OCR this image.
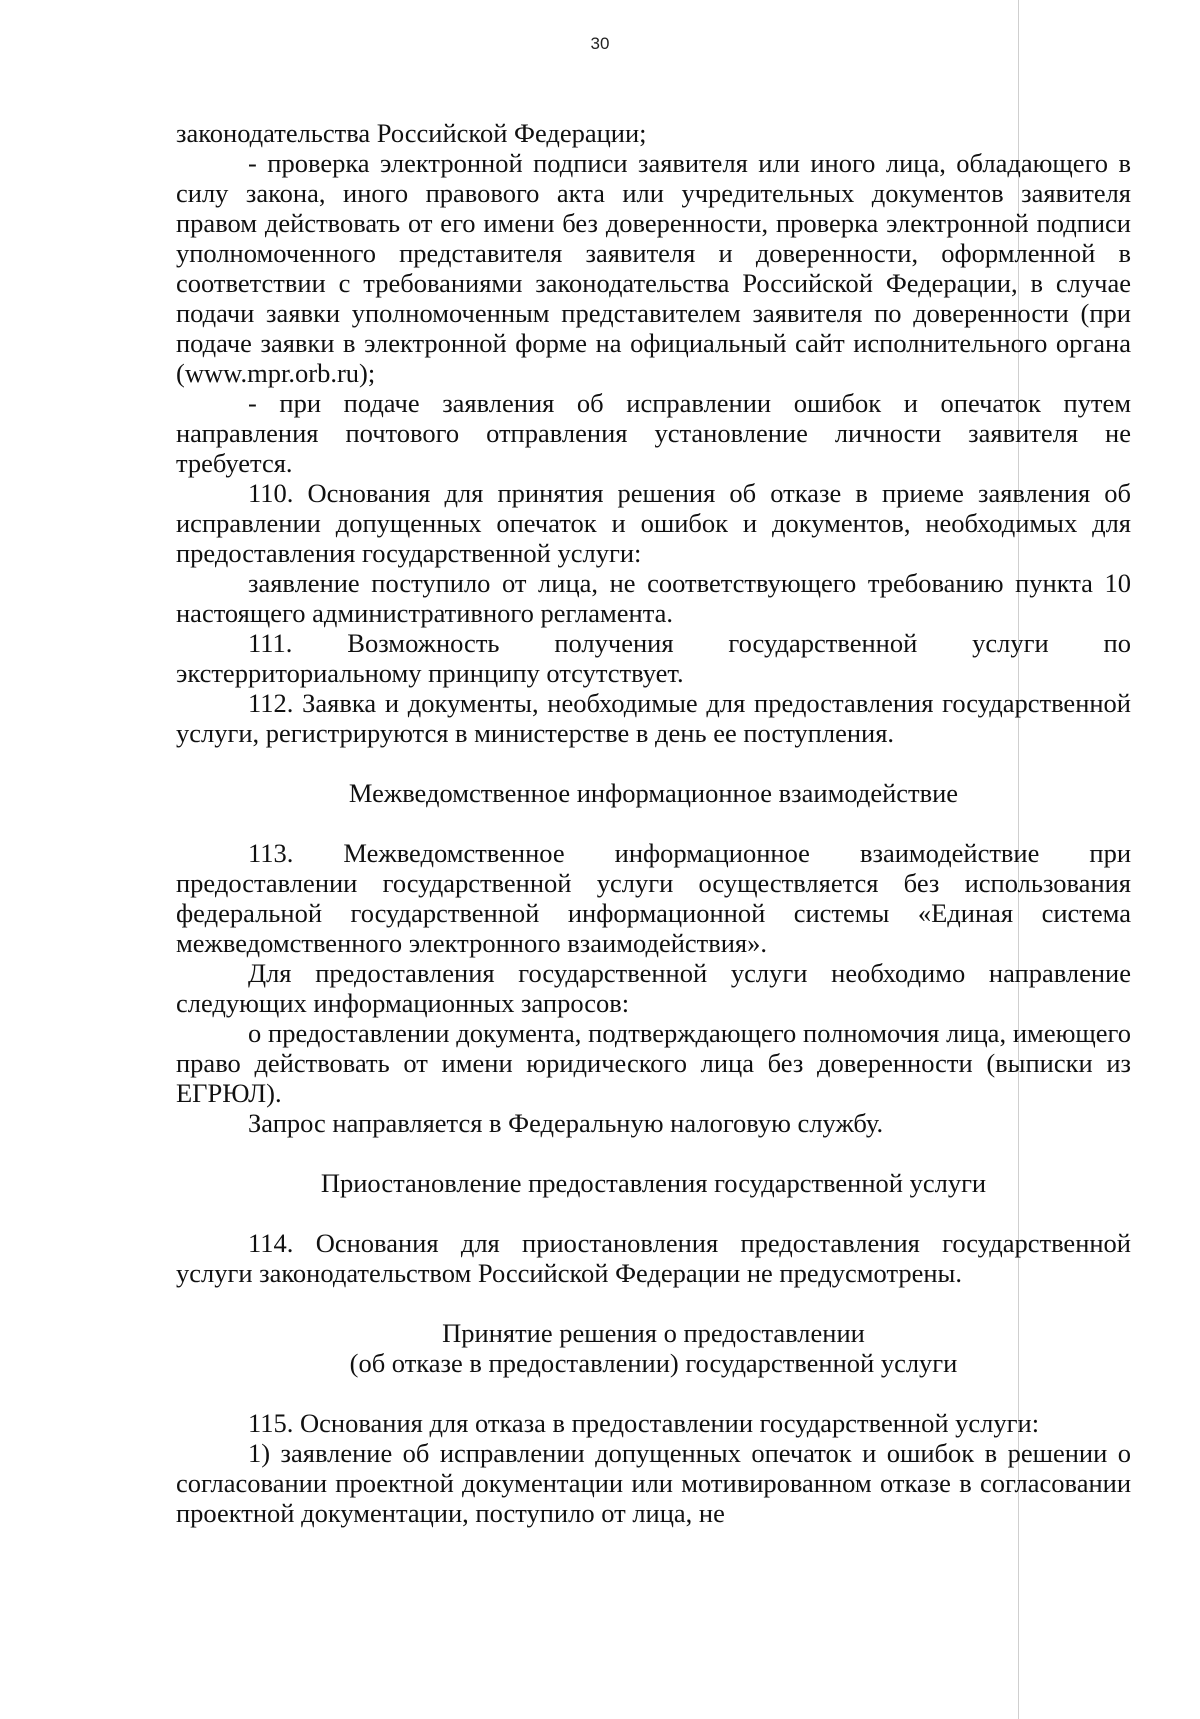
30

законодательства Российской Федерации;

- проверка электронной подписи заявителя или иного лица, обладающего в силу закона, иного правового акта или учредительных документов заявителя правом действовать от его имени без доверенности, проверка электронной подписи уполномоченного представителя заявителя и доверенности, оформленной в соответствии с требованиями законодательства Российской Федерации, в случае подачи заявки уполномоченным представителем заявителя по доверенности (при подаче заявки в электронной форме на официальный сайт исполнительного органа (www.mpr.orb.ru);

- при подаче заявления об исправлении ошибок и опечаток путем направления почтового отправления установление личности заявителя не требуется.

110. Основания для принятия решения об отказе в приеме заявления об исправлении допущенных опечаток и ошибок и документов, необходимых для предоставления государственной услуги:

заявление поступило от лица, не соответствующего требованию пункта 10 настоящего административного регламента.

111. Возможность получения государственной услуги по экстерриториальному принципу отсутствует.

112. Заявка и документы, необходимые для предоставления государственной услуги, регистрируются в министерстве в день ее поступления.

Межведомственное информационное взаимодействие

113. Межведомственное информационное взаимодействие при предоставлении государственной услуги осуществляется без использования федеральной государственной информационной системы «Единая система межведомственного электронного взаимодействия».

Для предоставления государственной услуги необходимо направление следующих информационных запросов:

о предоставлении документа, подтверждающего полномочия лица, имеющего право действовать от имени юридического лица без доверенности (выписки из ЕГРЮЛ).

Запрос направляется в Федеральную налоговую службу.

Приостановление предоставления государственной услуги

114. Основания для приостановления предоставления государственной услуги законодательством Российской Федерации не предусмотрены.

Принятие решения о предоставлении

(об отказе в предоставлении) государственной услуги

115. Основания для отказа в предоставлении государственной услуги:

1) заявление об исправлении допущенных опечаток и ошибок в решении о согласовании проектной документации или мотивированном отказе в согласовании проектной документации, поступило от лица, не
